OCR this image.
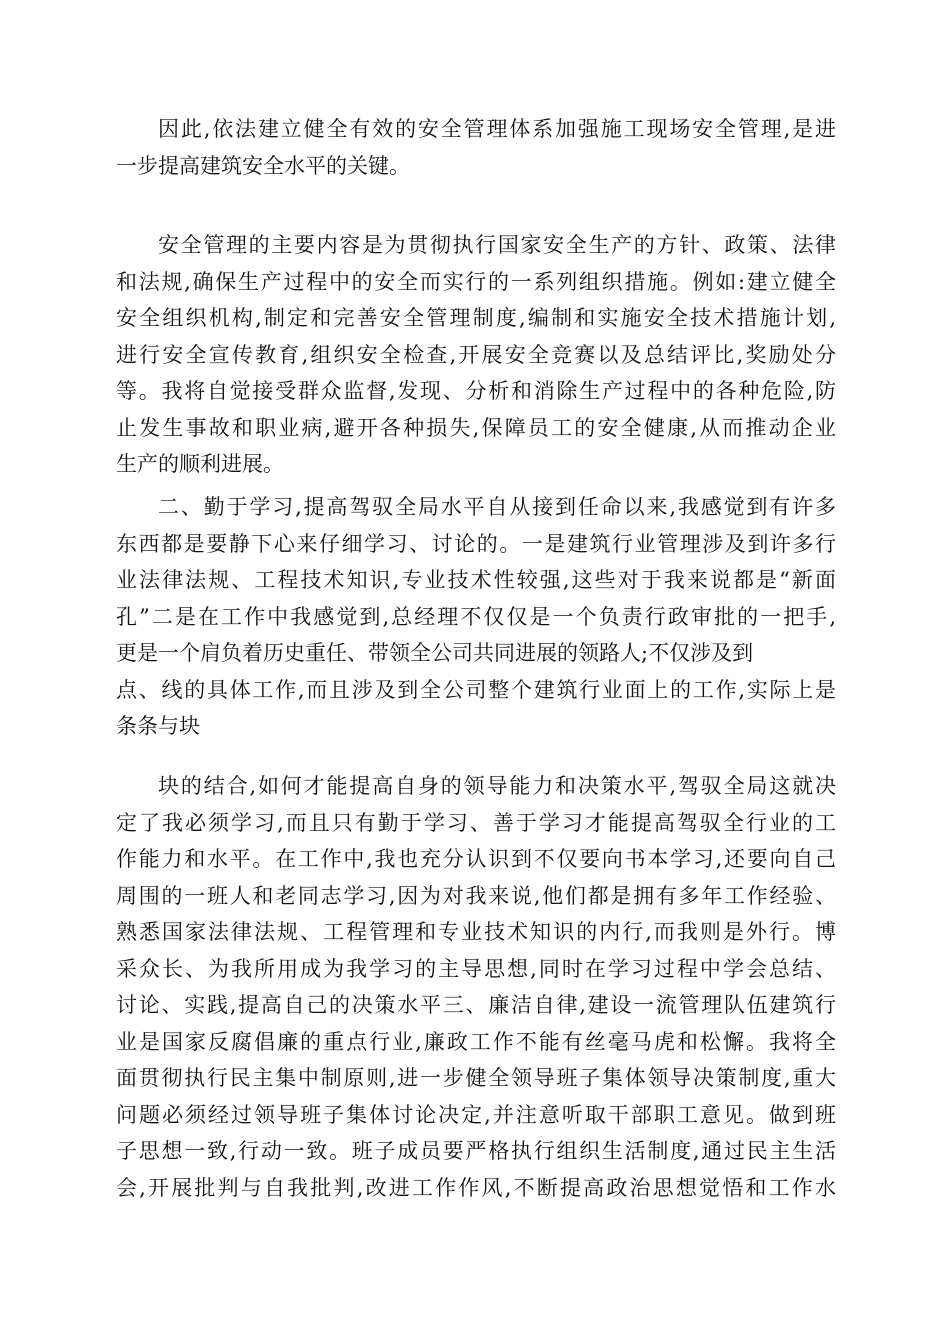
因此,依法建立健全有效的安全管理体系加强施工现场安全管理,是进
一步提高建筑安全水平的关键。
安全管理的主要内容是为贯彻执行国家安全生产的方针、政策、法律
和法规,确保生产过程中的安全而实行的一系列组织措施。例如:建立健全
安全组织机构,制定和完善安全管理制度,编制和实施安全技术措施计划,
进行安全宣传教育,组织安全检查,开展安全竞赛以及总结评比,奖励处分
等。我将自觉接受群众监督,发现、分析和消除生产过程中的各种危险,防
止发生事故和职业病,避开各种损失,保障员工的安全健康,从而推动企业
生产的顺利进展。
二、勤于学习,提高驾驭全局水平自从接到任命以来,我感觉到有许多
东西都是要静下心来仔细学习、讨论的。一是建筑行业管理涉及到许多行
业法律法规、工程技术知识,专业技术性较强,这些对于我来说都是“新面
孔”二是在工作中我感觉到,总经理不仅仅是一个负责行政审批的一把手,
更是一个肩负着历史重任、带领全公司共同进展的领路人;不仅涉及到
点、线的具体工作,而且涉及到全公司整个建筑行业面上的工作,实际上是
条条与块
块的结合,如何才能提高自身的领导能力和决策水平,驾驭全局这就决
定了我必须学习,而且只有勤于学习、善于学习才能提高驾驭全行业的工
作能力和水平。在工作中,我也充分认识到不仅要向书本学习,还要向自己
周围的一班人和老同志学习,因为对我来说,他们都是拥有多年工作经验、
熟悉国家法律法规、工程管理和专业技术知识的内行,而我则是外行。博
采众长、为我所用成为我学习的主导思想,同时在学习过程中学会总结、
讨论、实践,提高自己的决策水平三、廉洁自律,建设一流管理队伍建筑行
业是国家反腐倡廉的重点行业,廉政工作不能有丝毫马虎和松懈。我将全
面贯彻执行民主集中制原则,进一步健全领导班子集体领导决策制度,重大
问题必须经过领导班子集体讨论决定,并注意听取干部职工意见。做到班
子思想一致,行动一致。班子成员要严格执行组织生活制度,通过民主生活
会,开展批判与自我批判,改进工作作风,不断提高政治思想觉悟和工作水
